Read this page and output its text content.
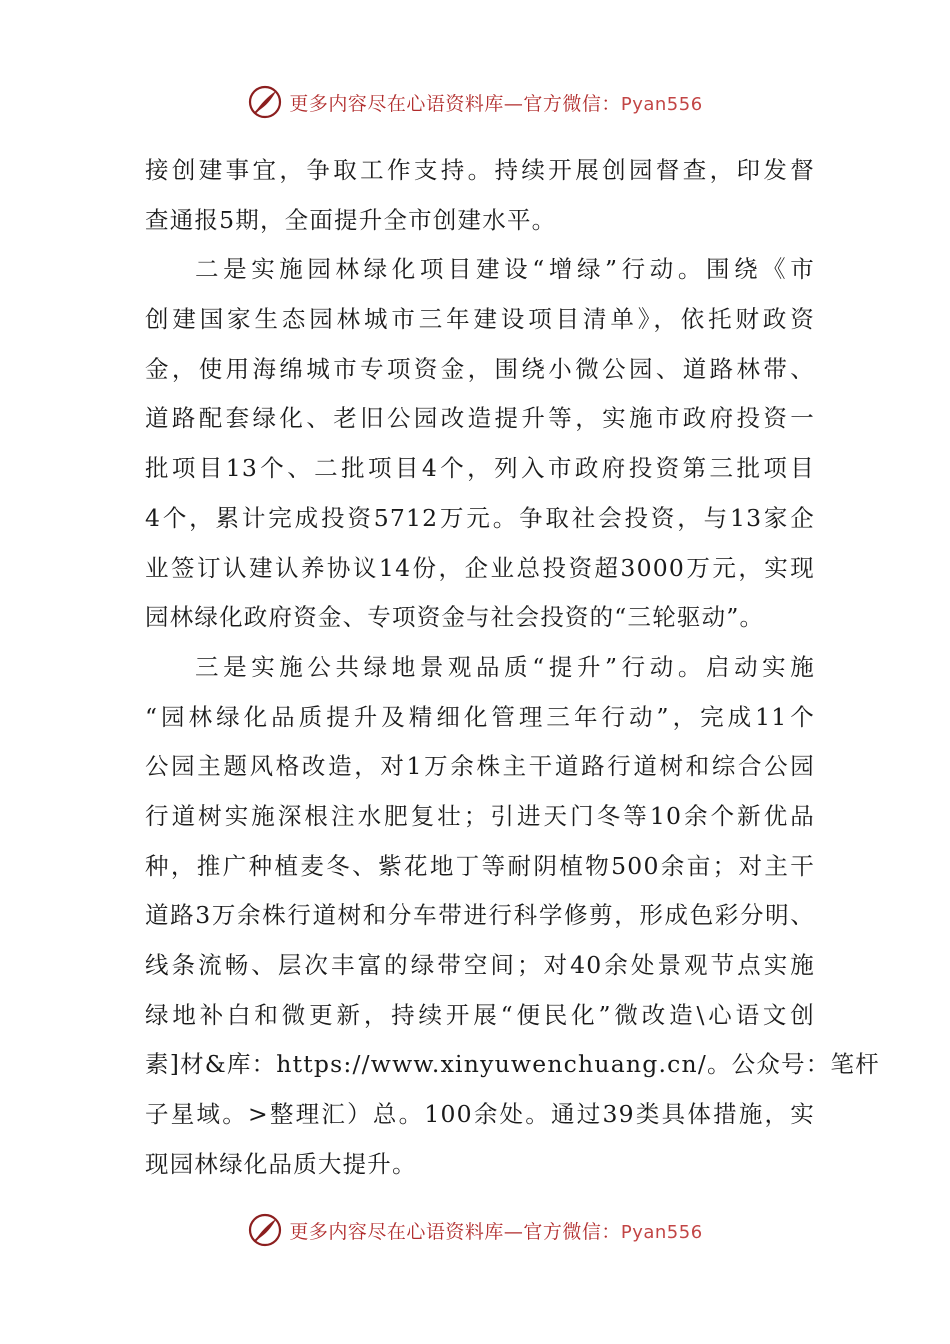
更多内容尽在心语资料库—官方微信：Pyan556
接创建事宜，争取工作支持。持续开展创园督查，印发督
查通报5期，全面提升全市创建水平。
二是实施园林绿化项目建设“增绿”行动。围绕《市
创建国家生态园林城市三年建设项目清单》，依托财政资
金，使用海绵城市专项资金，围绕小微公园、道路林带、
道路配套绿化、老旧公园改造提升等，实施市政府投资一
批项目13个、二批项目4个，列入市政府投资第三批项目
4个，累计完成投资5712万元。争取社会投资，与13家企
业签订认建认养协议14份，企业总投资超3000万元，实现
园林绿化政府资金、专项资金与社会投资的“三轮驱动”。
三是实施公共绿地景观品质“提升”行动。启动实施
“园林绿化品质提升及精细化管理三年行动”，完成11个
公园主题风格改造，对1万余株主干道路行道树和综合公园
行道树实施深根注水肥复壮；引进天门冬等10余个新优品
种，推广种植麦冬、紫花地丁等耐阴植物500余亩；对主干
道路3万余株行道树和分车带进行科学修剪，形成色彩分明、
线条流畅、层次丰富的绿带空间；对40余处景观节点实施
绿地补白和微更新，持续开展“便民化”微改造\心语文创
素]材&库：https://www.xinyuwenchuang.cn/。公众号：笔杆
子星域。>整理汇）总。100余处。通过39类具体措施，实
现园林绿化品质大提升。
更多内容尽在心语资料库—官方微信：Pyan556
